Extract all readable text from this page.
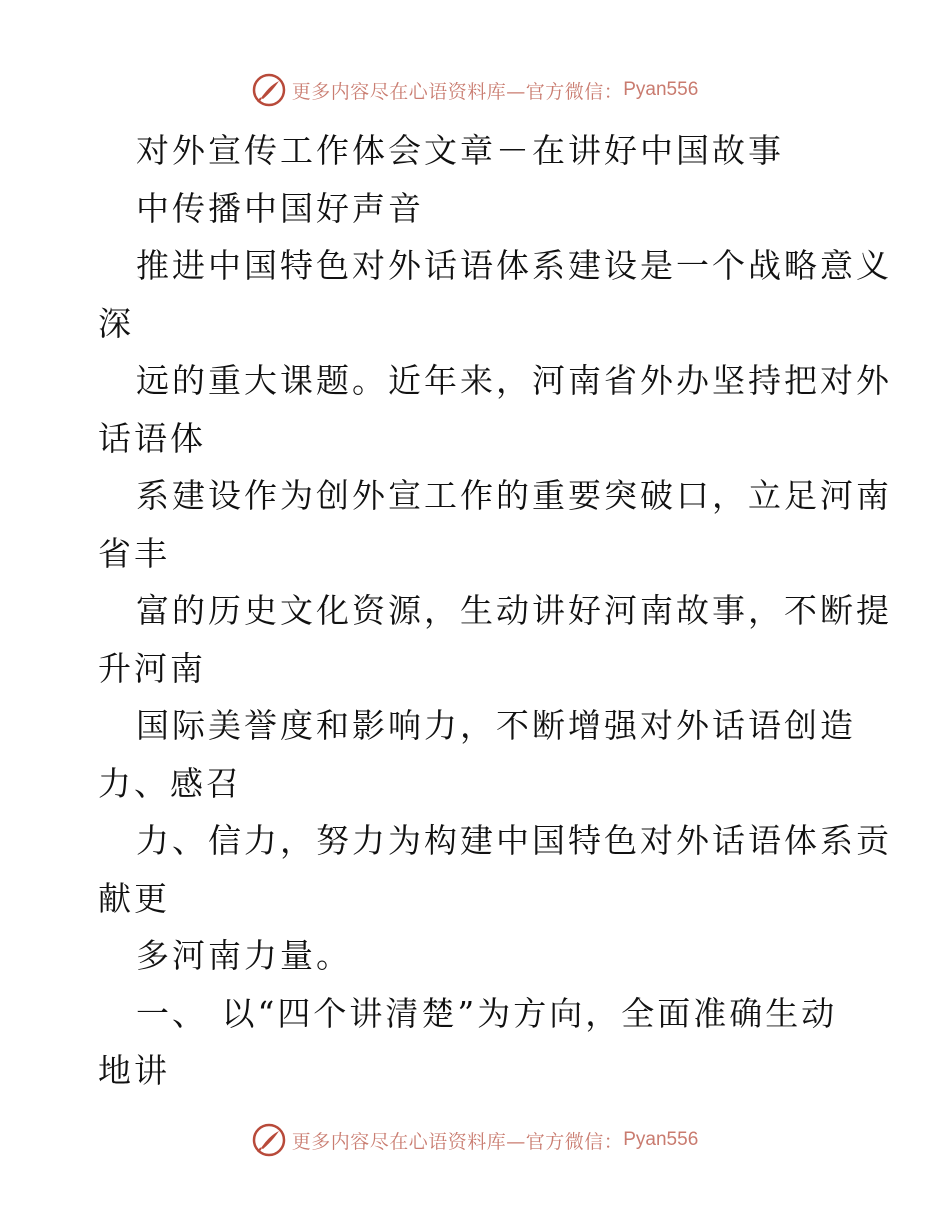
更多内容尽在心语资料库—官方微信： Pyan556
对外宣传工作体会文章－在讲好中国故事
中传播中国好声音
推进中国特色对外话语体系建设是一个战略意义
深
远的重大课题。近年来，河南省外办坚持把对外
话语体
系建设作为创外宣工作的重要突破口，立足河南
省丰
富的历史文化资源，生动讲好河南故事，不断提
升河南
国际美誉度和影响力，不断增强对外话语创造
力、感召
力、信力，努力为构建中国特色对外话语体系贡
献更
多河南力量。
一、 以“四个讲清楚”为方向，全面准确生动
地讲
更多内容尽在心语资料库—官方微信： Pyan556
